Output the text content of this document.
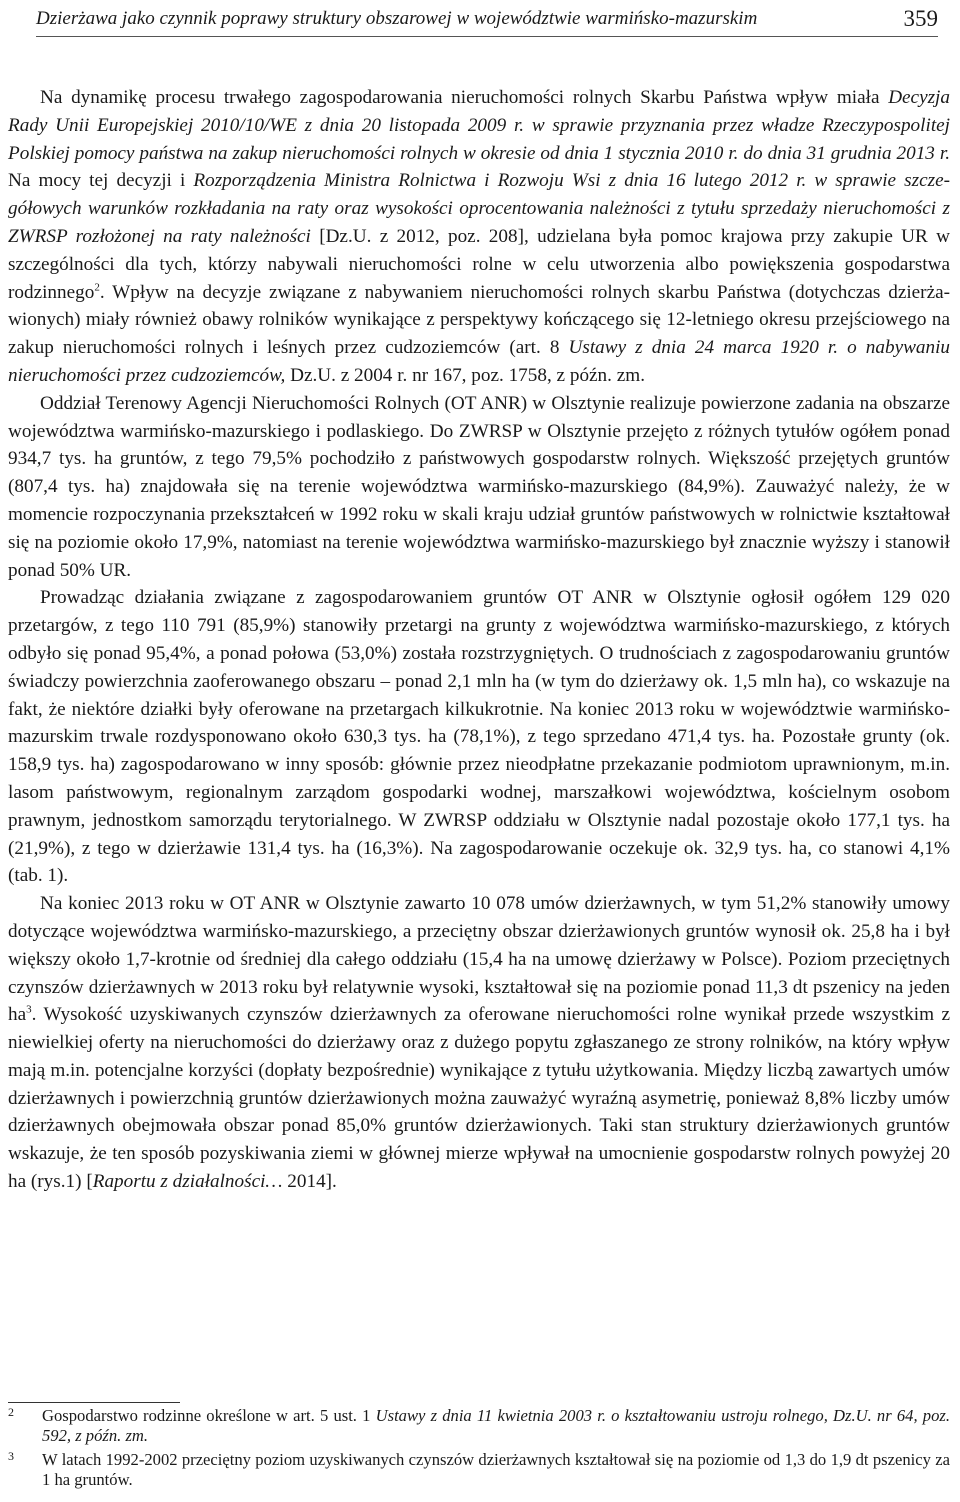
Dzierżawa jako czynnik poprawy struktury obszarowej w województwie warmińsko-mazurskim	359

Na dynamikę procesu trwałego zagospodarowania nieruchomości rolnych Skarbu Państwa wpływ miała Decyzja Rady Unii Europejskiej 2010/10/WE z dnia 20 listopada 2009 r. w sprawie przyznania przez władze Rzeczypospolitej Polskiej pomocy państwa na zakup nieruchomości rolnych w okresie od dnia 1 stycznia 2010 r. do dnia 31 grudnia 2013 r. Na mocy tej decyzji i Rozporządzenia Ministra Rolnictwa i Rozwoju Wsi z dnia 16 lutego 2012 r. w sprawie szczegółowych warunków rozkładania na raty oraz wysokości oprocentowania należności z tytułu sprzedaży nieruchomości z ZWRSP rozłożonej na raty należności [Dz.U. z 2012, poz. 208], udzielana była pomoc krajowa przy zakupie UR w szczególności dla tych, którzy nabywali nieruchomości rolne w celu utworzenia albo powiększenia gospodarstwa rodzinnego$^2$. Wpływ na decyzje związane z nabywaniem nieruchomości rolnych skarbu Państwa (dotychczas dzierżawionych) miały również obawy rolników wynikające z perspektywy kończącego się 12-letniego okresu przejściowego na zakup nieruchomości rolnych i leśnych przez cudzoziemców (art. 8 Ustawy z dnia 24 marca 1920 r. o nabywaniu nieruchomości przez cudzoziemców, Dz.U. z 2004 r. nr 167, poz. 1758, z późn. zm.

Oddział Terenowy Agencji Nieruchomości Rolnych (OT ANR) w Olsztynie realizuje powierzone zadania na obszarze województwa warmińsko-mazurskiego i podlaskiego. Do ZWRSP w Olsztynie przejęto z różnych tytułów ogółem ponad 934,7 tys. ha gruntów, z tego 79,5% pochodziło z państwowych gospodarstw rolnych. Większość przejętych gruntów (807,4 tys. ha) znajdowała się na terenie województwa warmińsko-mazurskiego (84,9%). Zauważyć należy, że w momencie rozpoczynania przekształceń w 1992 roku w skali kraju udział gruntów państwowych w rolnictwie kształtował się na poziomie około 17,9%, natomiast na terenie województwa warmińsko-mazurskiego był znacznie wyższy i stanowił ponad 50% UR.

Prowadząc działania związane z zagospodarowaniem gruntów OT ANR w Olsztynie ogłosił ogółem 129 020 przetargów, z tego 110 791 (85,9%) stanowiły przetargi na grunty z województwa warmińsko-mazurskiego, z których odbyło się ponad 95,4%, a ponad połowa (53,0%) została rozstrzygniętych. O trudnościach z zagospodarowaniu gruntów świadczy powierzchnia zaoferowanego obszaru – ponad 2,1 mln ha (w tym do dzierżawy ok. 1,5 mln ha), co wskazuje na fakt, że niektóre działki były oferowane na przetargach kilkukrotnie. Na koniec 2013 roku w województwie warmińsko-mazurskim trwale rozdysponowano około 630,3 tys. ha (78,1%), z tego sprzedano 471,4 tys. ha. Pozostałe grunty (ok. 158,9 tys. ha) zagospodarowano w inny sposób: głównie przez nieodpłatne przekazanie podmiotom uprawnionym, m.in. lasom państwowym, regionalnym zarządom gospodarki wodnej, marszałkowi województwa, kościelnym osobom prawnym, jednostkom samorządu terytorialnego. W ZWRSP oddziału w Olsztynie nadal pozostaje około 177,1 tys. ha (21,9%), z tego w dzierżawie 131,4 tys. ha (16,3%). Na zagospodarowanie oczekuje ok. 32,9 tys. ha, co stanowi 4,1% (tab. 1).

Na koniec 2013 roku w OT ANR w Olsztynie zawarto 10 078 umów dzierżawnych, w tym 51,2% stanowiły umowy dotyczące województwa warmińsko-mazurskiego, a przeciętny obszar dzierżawionych gruntów wynosił ok. 25,8 ha i był większy około 1,7-krotnie od średniej dla całego oddziału (15,4 ha na umowę dzierżawy w Polsce). Poziom przeciętnych czynszów dzierżawnych w 2013 roku był relatywnie wysoki, kształtował się na poziomie ponad 11,3 dt pszenicy na jeden $ha^3$. Wysokość uzyskiwanych czynszów dzierżawnych za oferowane nieruchomości rolne wynikał przede wszystkim z niewielkiej oferty na nieruchomości do dzierżawy oraz z dużego popytu zgłaszanego ze strony rolników, na który wpływ mają m.in. potencjalne korzyści (dopłaty bezpośrednie) wynikające z tytułu użytkowania. Między liczbą zawartych umów dzierżawnych i powierzchnią gruntów dzierżawionych można zauważyć wyraźną asymetrię, ponieważ 8,8% liczby umów dzierżawnych obejmowała obszar ponad 85,0% gruntów dzierżawionych. Taki stan struktury dzierżawionych gruntów wskazuje, że ten sposób pozyskiwania ziemi w głównej mierze wpływał na umocnienie gospodarstw rolnych powyżej 20 ha (rys.1) [Raportu z działalności… 2014].

2 Gospodarstwo rodzinne określone w art. 5 ust. 1 Ustawy z dnia 11 kwietnia 2003 r. o kształtowaniu ustroju rolnego, Dz.U. nr 64, poz. 592, z późn. zm.
3 W latach 1992-2002 przeciętny poziom uzyskiwanych czynszów dzierżawnych kształtował się na poziomie od 1,3 do 1,9 dt pszenicy za 1 ha gruntów.
